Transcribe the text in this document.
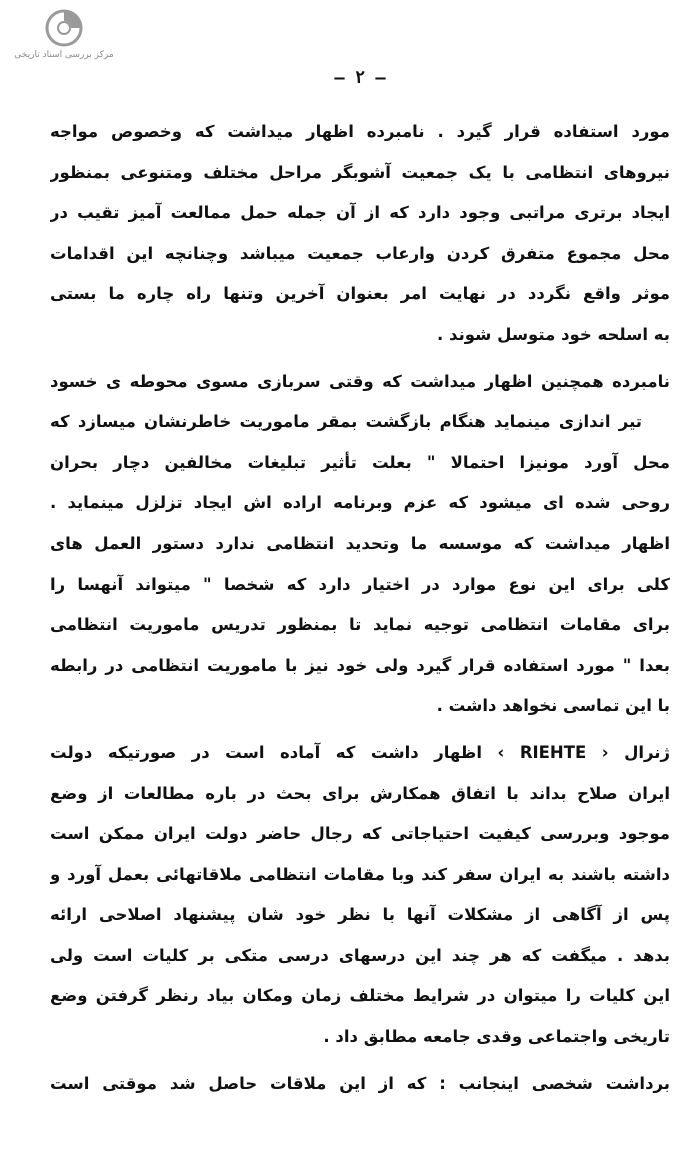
مرکز بررسی اسناد تاریخی
— ٢ —
مورد استفاده قرار گیرد . نامبرده اظهار میداشت که وخصوص مواجه
نیروهای انتظامی با یک جمعیت آشوبگر مراحل مختلف ومتنوعی بمنظور
ایجاد برتری مراتبی وجود دارد که از آن جمله حمل ممالعت آمیز تقیب در
محل مجموع متفرق کردن وارعاب جمعیت میباشد وچنانچه این اقدامات
موثر واقع نگردد در نهایت امر بعنوان آخرین وتنها راه چاره ما بستی
به اسلحه خود متوسل شوند .
نامبرده همچنین اظهار میداشت که وقتی سربازی مسوی محوطه ی خسود
تیر اندازی مینماید هنگام بازگشت بمقر ماموریت خاطرنشان میسازد که
محل آورد مونیزا احتمالا " بعلت تأثیر تبلیغات مخالفین دچار بحران
روحی شده ای میشود که عزم وبرنامه اراده اش ایجاد تزلزل مینماید .
اظهار میداشت که موسسه ما وتحدید انتظامی ندارد دستور العمل های
کلی برای این نوع موارد در اختیار دارد که شخصا " میتواند آنهسا را
برای مقامات انتظامی توجیه نماید تا بمنظور تدریس ماموریت انتظامی
بعدا " مورد استفاده قرار گیرد ولی خود نیز با ماموریت انتظامی در رابطه
با این تماسی نخواهد داشت .
ژنرال ‹ RIEHTE › اظهار داشت که آماده است در صورتیکه دولت
ایران صلاح بداند با اتفاق همکارش برای بحث در باره مطالعات از وضع
موجود وبررسی کیفیت احتیاجاتی که رجال حاضر دولت ایران ممکن است
داشته باشند به ایران سفر کند وبا مقامات انتظامی ملاقاتهائی بعمل آورد و
پس از آگاهی از مشکلات آنها با نظر خود شان پیشنهاد اصلاحی ارائه
بدهد . میگفت که هر چند این درسهای درسی متکی بر کلیات است ولی
این کلیات را میتوان در شرایط مختلف زمان ومکان بیاد رنظر گرفتن وضع
تاریخی واجتماعی وقدی جامعه مطابق داد .
برداشت شخصی اینجانب : که از این ملاقات حاصل شد موقتی است
